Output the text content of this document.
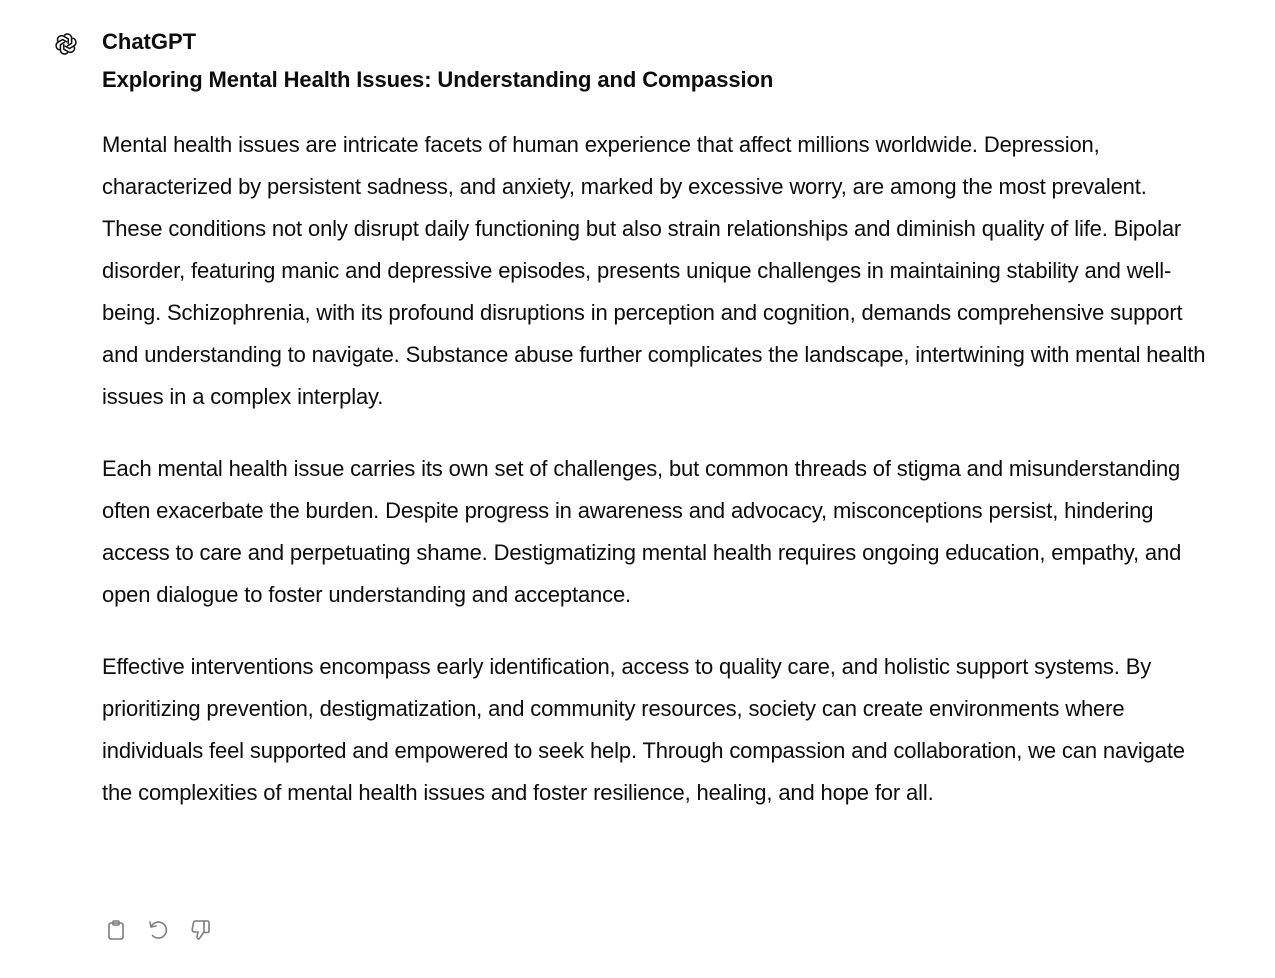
ChatGPT
Exploring Mental Health Issues: Understanding and Compassion

Mental health issues are intricate facets of human experience that affect millions worldwide. Depression, characterized by persistent sadness, and anxiety, marked by excessive worry, are among the most prevalent. These conditions not only disrupt daily functioning but also strain relationships and diminish quality of life. Bipolar disorder, featuring manic and depressive episodes, presents unique challenges in maintaining stability and well-being. Schizophrenia, with its profound disruptions in perception and cognition, demands comprehensive support and understanding to navigate. Substance abuse further complicates the landscape, intertwining with mental health issues in a complex interplay.

Each mental health issue carries its own set of challenges, but common threads of stigma and misunderstanding often exacerbate the burden. Despite progress in awareness and advocacy, misconceptions persist, hindering access to care and perpetuating shame. Destigmatizing mental health requires ongoing education, empathy, and open dialogue to foster understanding and acceptance.

Effective interventions encompass early identification, access to quality care, and holistic support systems. By prioritizing prevention, destigmatization, and community resources, society can create environments where individuals feel supported and empowered to seek help. Through compassion and collaboration, we can navigate the complexities of mental health issues and foster resilience, healing, and hope for all.
